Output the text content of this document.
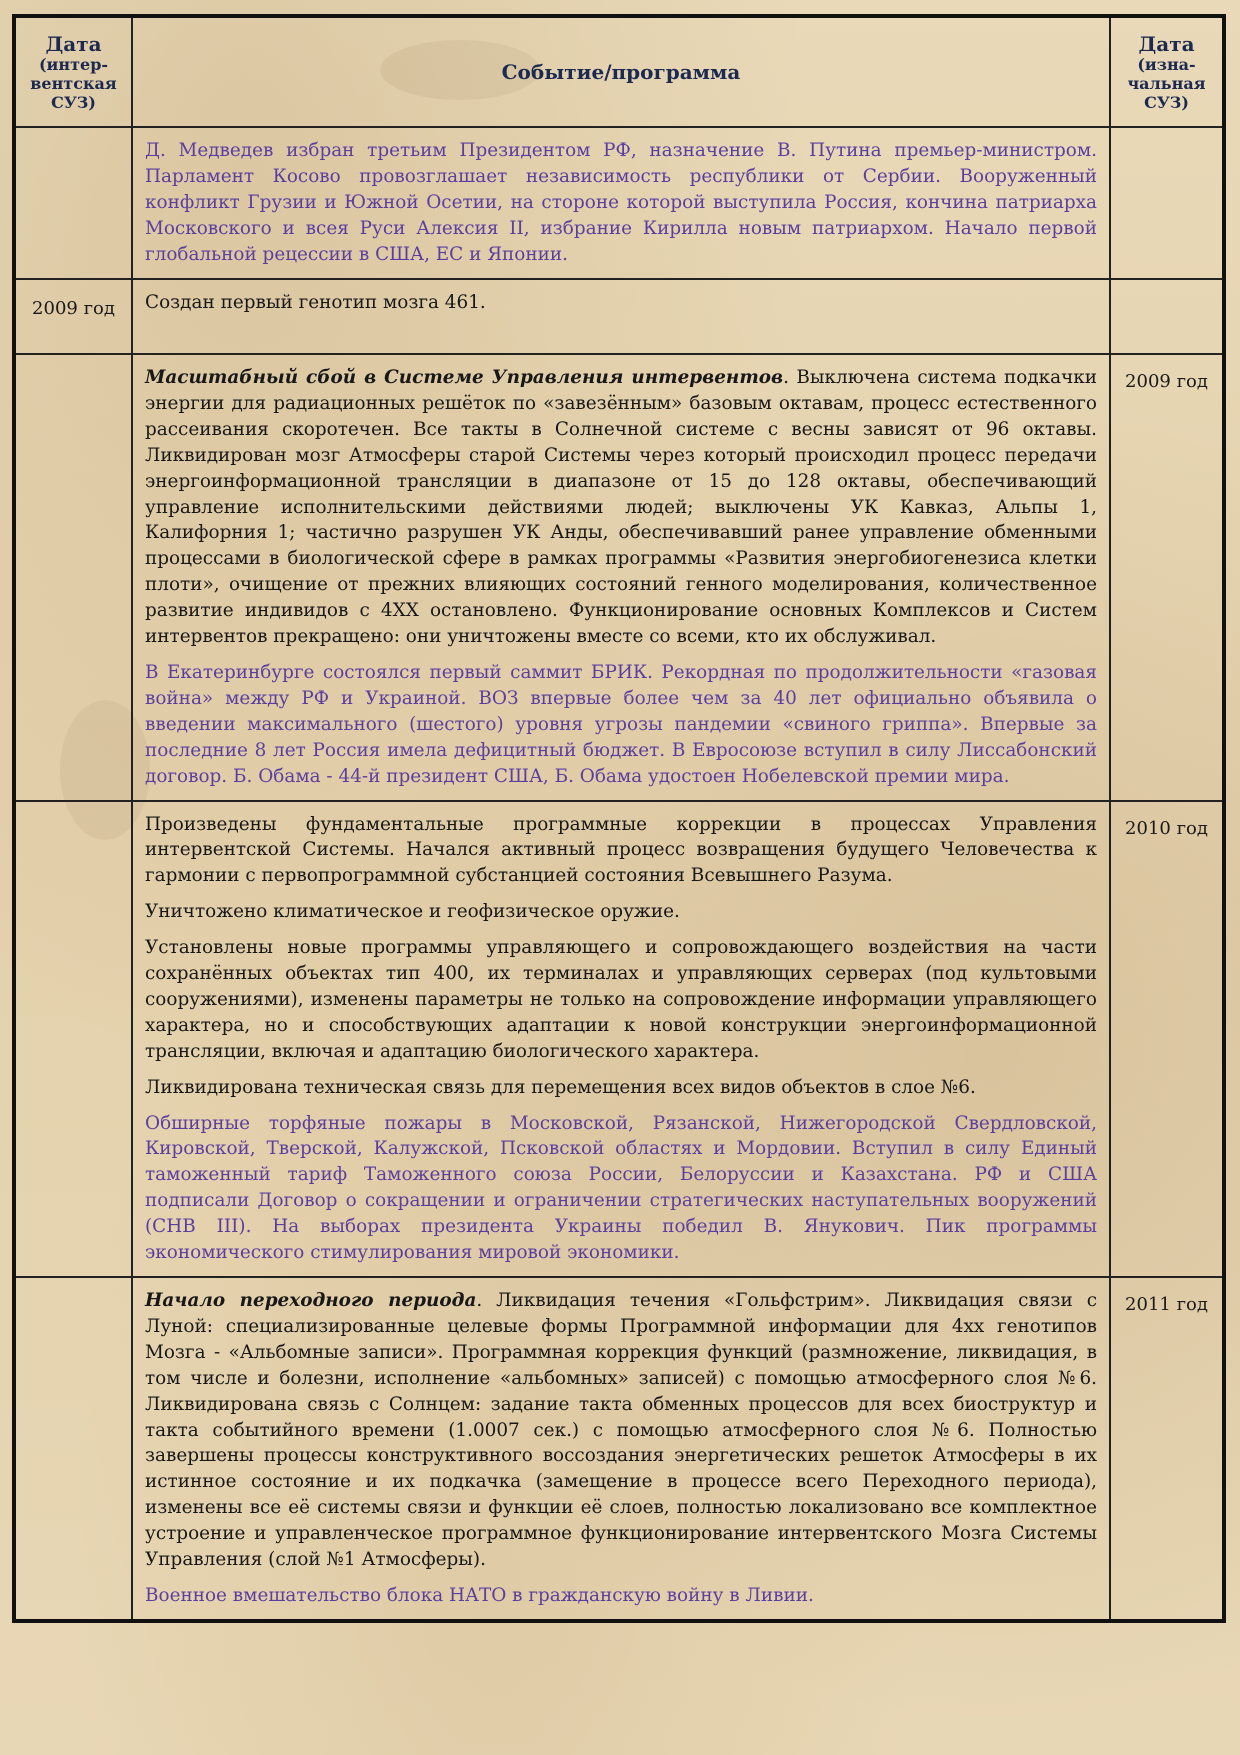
Дата
(интер-
вентская
СУЗ)	Событие/программа	Дата
(изна-
чальная
СУЗ)

	Д. Медведев избран третьим Президентом РФ, назначение В. Путина премьер-министром. Парламент Косово провозглашает независимость республики от Сербии. Вооруженный конфликт Грузии и Южной Осетии, на стороне которой выступила Россия, кончина патриарха Московского и всея Руси Алексия II, избрание Кирилла новым патриархом. Начало первой глобальной рецессии в США, ЕС и Японии.	

2009 год	Создан первый генотип мозга 461.	

	Масштабный сбой в Системе Управления интервентов. Выключена система подкачки энергии для радиационных решёток по «завезённым» базовым октавам, процесс естественного рассеивания скоротечен. Все такты в Солнечной системе с весны зависят от 96 октавы. Ликвидирован мозг Атмосферы старой Системы через который происходил процесс передачи энергоинформационной трансляции в диапазоне от 15 до 128 октавы, обеспечивающий управление исполнительскими действиями людей; выключены УК Кавказ, Альпы 1, Калифорния 1; частично разрушен УК Анды, обеспечивавший ранее управление обменными процессами в биологической сфере в рамках программы «Развития энергобиогенезиса клетки плоти», очищение от прежних влияющих состояний генного моделирования, количественное развитие индивидов с 4ХХ остановлено. Функционирование основных Комплексов и Систем интервентов прекращено: они уничтожены вместе со всеми, кто их обслуживал.

В Екатеринбурге состоялся первый саммит БРИК. Рекордная по продолжительности «газовая война» между РФ и Украиной. ВОЗ впервые более чем за 40 лет официально объявила о введении максимального (шестого) уровня угрозы пандемии «свиного гриппа». Впервые за последние 8 лет Россия имела дефицитный бюджет. В Евросоюзе вступил в силу Лиссабонский договор. Б. Обама - 44-й президент США, Б. Обама удостоен Нобелевской премии мира.	2009 год

	Произведены фундаментальные программные коррекции в процессах Управления интервентской Системы. Начался активный процесс возвращения будущего Человечества к гармонии с первопрограммной субстанцией состояния Всевышнего Разума.

Уничтожено климатическое и геофизическое оружие.

Установлены новые программы управляющего и сопровождающего воздействия на части сохранённых объектах тип 400, их терминалах и управляющих серверах (под культовыми сооружениями), изменены параметры не только на сопровождение информации управляющего характера, но и способствующих адаптации к новой конструкции энергоинформационной трансляции, включая и адаптацию биологического характера.

Ликвидирована техническая связь для перемещения всех видов объектов в слое №6.

Обширные торфяные пожары в Московской, Рязанской, Нижегородской Свердловской, Кировской, Тверской, Калужской, Псковской областях и Мордовии. Вступил в силу Единый таможенный тариф Таможенного союза России, Белоруссии и Казахстана. РФ и США подписали Договор о сокращении и ограничении стратегических наступательных вооружений (СНВ III). На выборах президента Украины победил В. Янукович. Пик программы экономического стимулирования мировой экономики.	2010 год

	Начало переходного периода. Ликвидация течения «Гольфстрим». Ликвидация связи с Луной: специализированные целевые формы Программной информации для 4хх генотипов Мозга - «Альбомные записи». Программная коррекция функций (размножение, ликвидация, в том числе и болезни, исполнение «альбомных» записей) с помощью атмосферного слоя №6. Ликвидирована связь с Солнцем: задание такта обменных процессов для всех биоструктур и такта событийного времени (1.0007 сек.) с помощью атмосферного слоя №6. Полностью завершены процессы конструктивного воссоздания энергетических решеток Атмосферы в их истинное состояние и их подкачка (замещение в процессе всего Переходного периода), изменены все её системы связи и функции её слоев, полностью локализовано все комплектное устроение и управленческое программное функционирование интервентского Мозга Системы Управления (слой №1 Атмосферы).

Военное вмешательство блока НАТО в гражданскую войну в Ливии.	2011 год
